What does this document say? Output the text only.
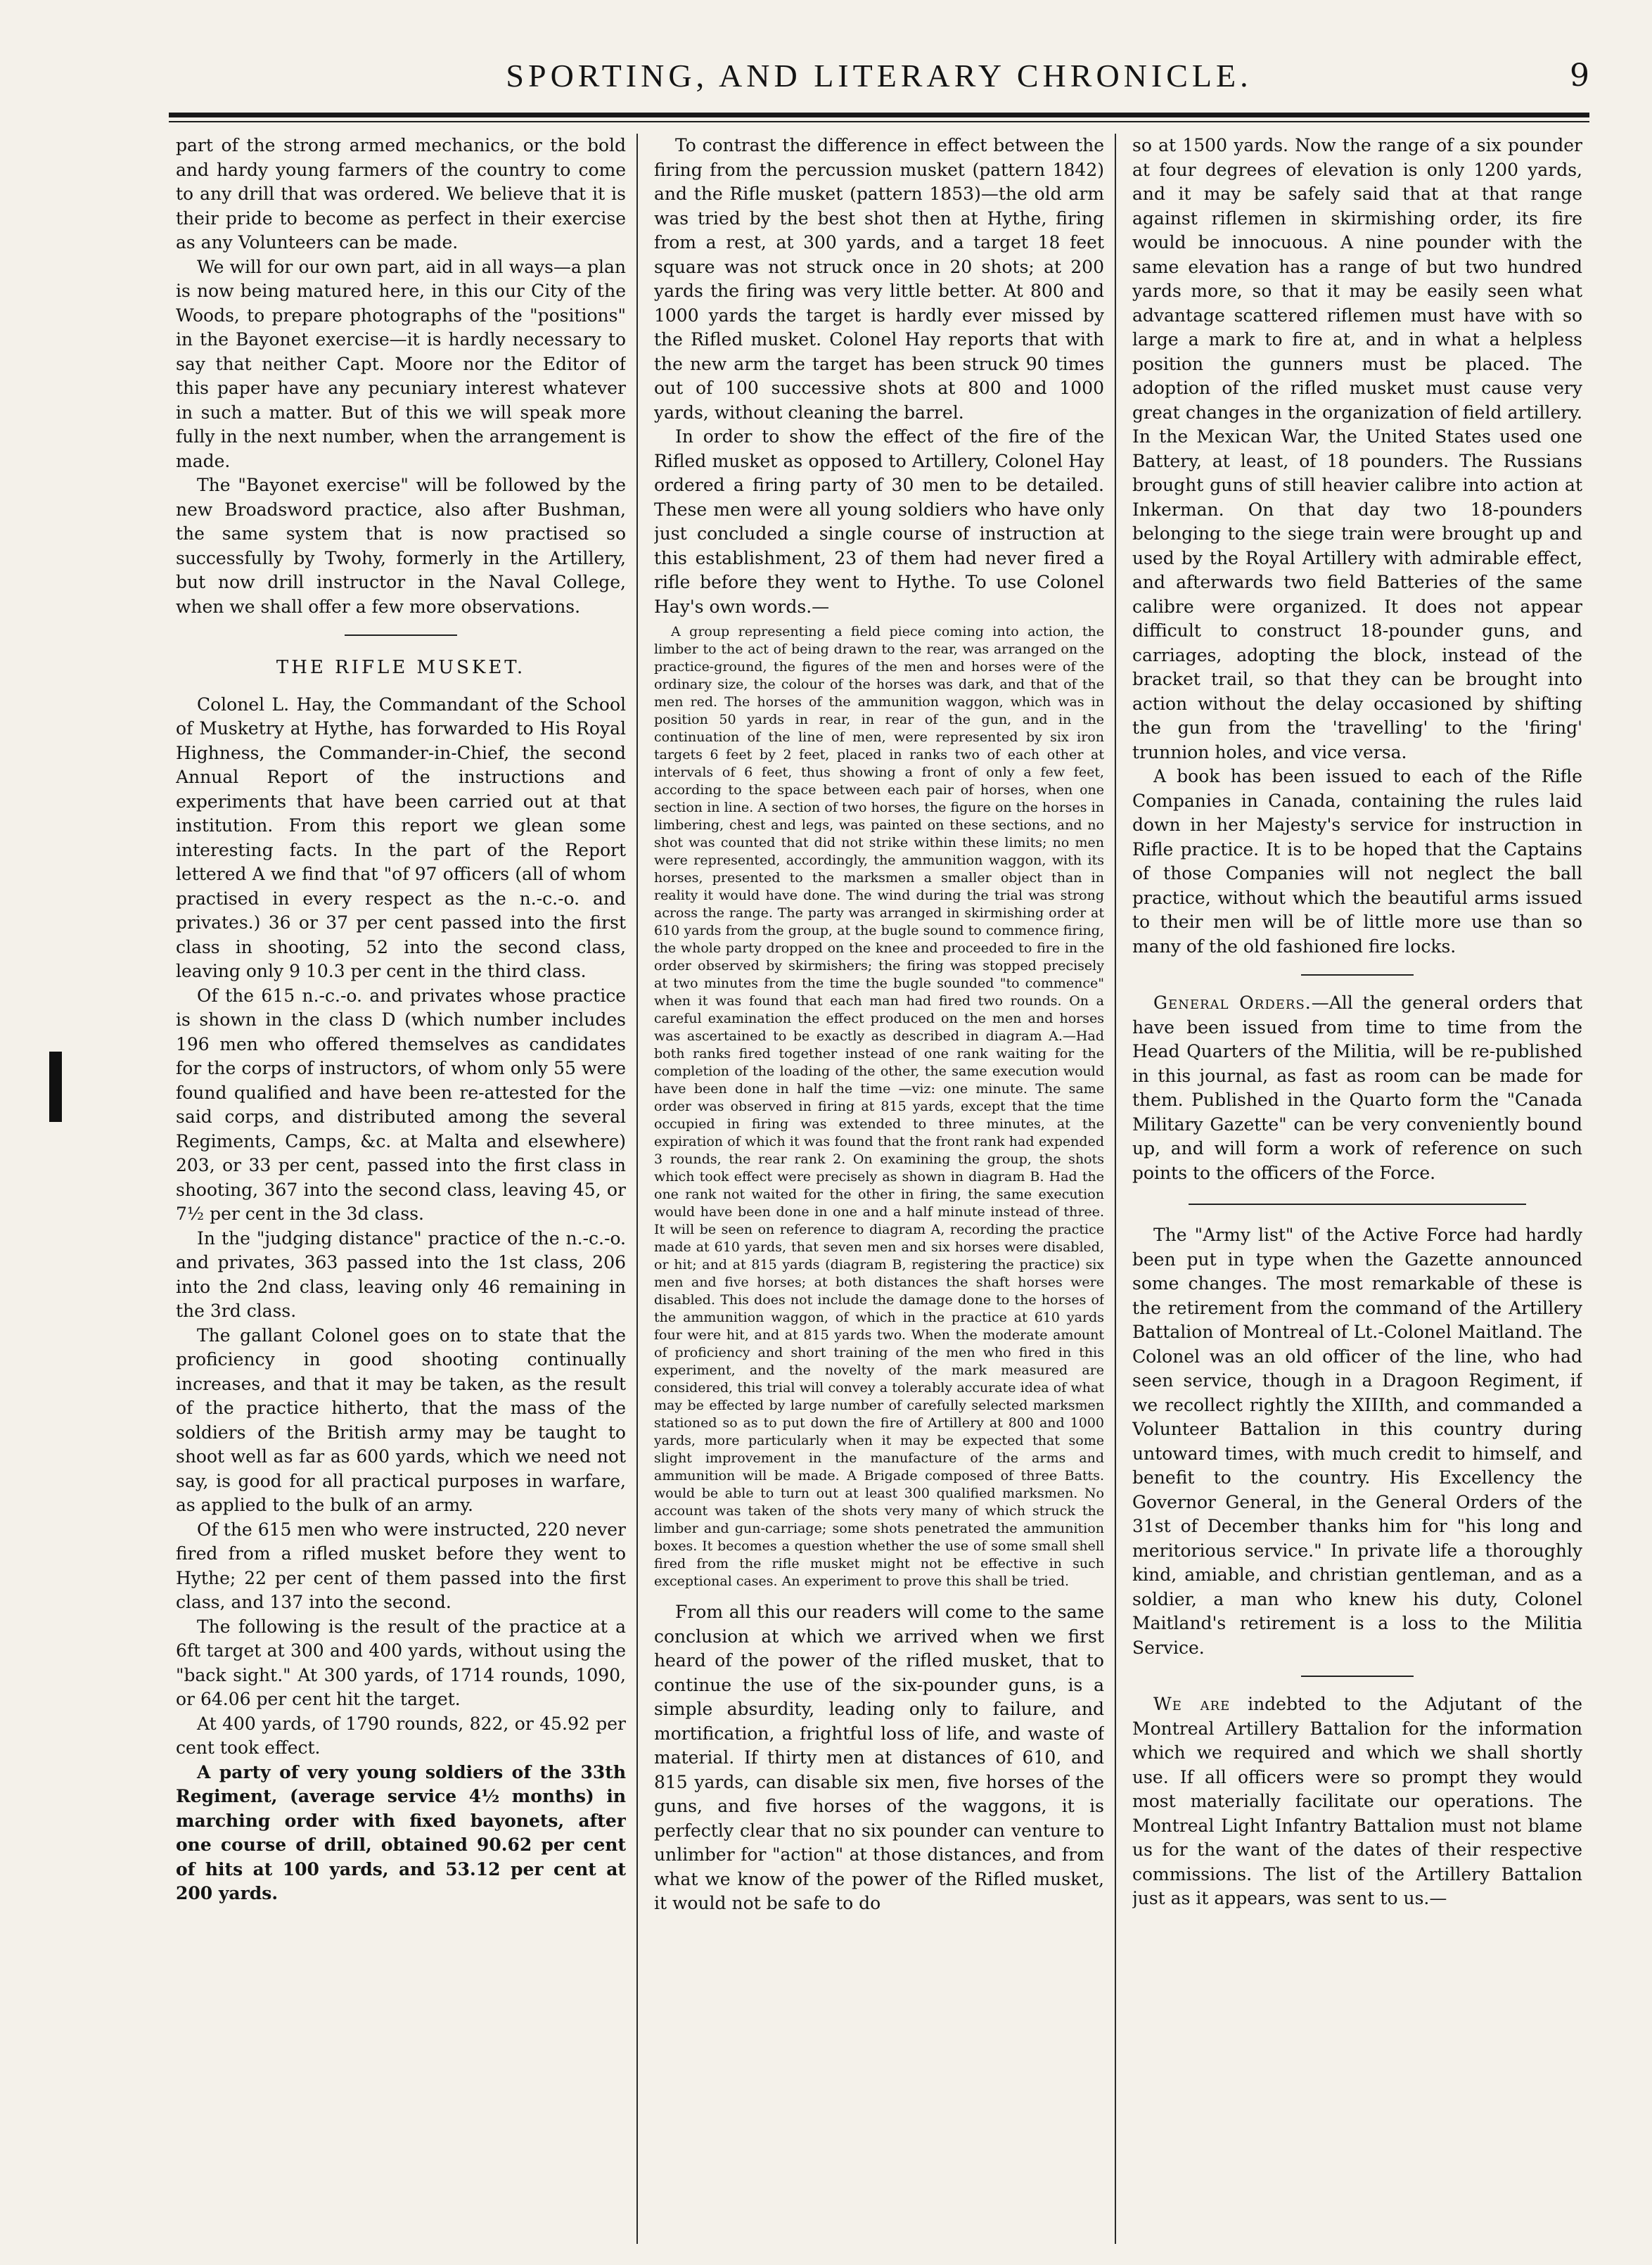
SPORTING, AND LITERARY CHRONICLE.	9

part of the strong armed mechanics, or the bold and hardy young farmers of the country to come to any drill that was ordered. We believe that it is their pride to become as perfect in their exercise as any Volunteers can be made.

We will for our own part, aid in all ways—a plan is now being matured here, in this our City of the Woods, to prepare photographs of the "positions" in the Bayonet exercise—it is hardly necessary to say that neither Capt. Moore nor the Editor of this paper have any pecuniary interest whatever in such a matter. But of this we will speak more fully in the next number, when the arrangement is made.

The "Bayonet exercise" will be followed by the new Broadsword practice, also after Bushman, the same system that is now practised so successfully by Twohy, formerly in the Artillery, but now drill instructor in the Naval College, when we shall offer a few more observations.

THE RIFLE MUSKET.

Colonel L. Hay, the Commandant of the School of Musketry at Hythe, has forwarded to His Royal Highness, the Commander-in-Chief, the second Annual Report of the instructions and experiments that have been carried out at that institution. From this report we glean some interesting facts. In the part of the Report lettered A we find that "of 97 officers (all of whom practised in every respect as the n.-c.-o. and privates.) 36 or 37 per cent passed into the first class in shooting, 52 into the second class, leaving only 9 10.3 per cent in the third class.

Of the 615 n.-c.-o. and privates whose practice is shown in the class D (which number includes 196 men who offered themselves as candidates for the corps of instructors, of whom only 55 were found qualified and have been re-attested for the said corps, and distributed among the several Regiments, Camps, &c. at Malta and elsewhere) 203, or 33 per cent, passed into the first class in shooting, 367 into the second class, leaving 45, or 7½ per cent in the 3d class.

In the "judging distance" practice of the n.-c.-o. and privates, 363 passed into the 1st class, 206 into the 2nd class, leaving only 46 remaining in the 3rd class.

The gallant Colonel goes on to state that the proficiency in good shooting continually increases, and that it may be taken, as the result of the practice hitherto, that the mass of the soldiers of the British army may be taught to shoot well as far as 600 yards, which we need not say, is good for all practical purposes in warfare, as applied to the bulk of an army.

Of the 615 men who were instructed, 220 never fired from a rifled musket before they went to Hythe; 22 per cent of them passed into the first class, and 137 into the second.

The following is the result of the practice at a 6ft target at 300 and 400 yards, without using the "back sight." At 300 yards, of 1714 rounds, 1090, or 64.06 per cent hit the target.

At 400 yards, of 1790 rounds, 822, or 45.92 per cent took effect.

A party of very young soldiers of the 33th Regiment, (average service 4½ months) in marching order with fixed bayonets, after one course of drill, obtained 90.62 per cent of hits at 100 yards, and 53.12 per cent at 200 yards.

To contrast the difference in effect between the firing from the percussion musket (pattern 1842) and the Rifle musket (pattern 1853)—the old arm was tried by the best shot then at Hythe, firing from a rest, at 300 yards, and a target 18 feet square was not struck once in 20 shots; at 200 yards the firing was very little better. At 800 and 1000 yards the target is hardly ever missed by the Rifled musket. Colonel Hay reports that with the new arm the target has been struck 90 times out of 100 successive shots at 800 and 1000 yards, without cleaning the barrel.

In order to show the effect of the fire of the Rifled musket as opposed to Artillery, Colonel Hay ordered a firing party of 30 men to be detailed. These men were all young soldiers who have only just concluded a single course of instruction at this establishment, 23 of them had never fired a rifle before they went to Hythe. To use Colonel Hay's own words.—

A group representing a field piece coming into action, the limber to the act of being drawn to the rear, was arranged on the practice-ground, the figures of the men and horses were of the ordinary size, the colour of the horses was dark, and that of the men red. The horses of the ammunition waggon, which was in position 50 yards in rear, in rear of the gun, and in the continuation of the line of men, were represented by six iron targets 6 feet by 2 feet, placed in ranks two of each other at intervals of 6 feet, thus showing a front of only a few feet, according to the space between each pair of horses, when one section in line. A section of two horses, the figure on the horses in limbering, chest and legs, was painted on these sections, and no shot was counted that did not strike within these limits; no men were represented, accordingly, the ammunition waggon, with its horses, presented to the marksmen a smaller object than in reality it would have done. The wind during the trial was strong across the range. The party was arranged in skirmishing order at 610 yards from the group, at the bugle sound to commence firing, the whole party dropped on the knee and proceeded to fire in the order observed by skirmishers; the firing was stopped precisely at two minutes from the time the bugle sounded "to commence" when it was found that each man had fired two rounds. On a careful examination the effect produced on the men and horses was ascertained to be exactly as described in diagram A.—Had both ranks fired together instead of one rank waiting for the completion of the loading of the other, the same execution would have been done in half the time —viz: one minute. The same order was observed in firing at 815 yards, except that the time occupied in firing was extended to three minutes, at the expiration of which it was found that the front rank had expended 3 rounds, the rear rank 2. On examining the group, the shots which took effect were precisely as shown in diagram B. Had the one rank not waited for the other in firing, the same execution would have been done in one and a half minute instead of three. It will be seen on reference to diagram A, recording the practice made at 610 yards, that seven men and six horses were disabled, or hit; and at 815 yards (diagram B, registering the practice) six men and five horses; at both distances the shaft horses were disabled. This does not include the damage done to the horses of the ammunition waggon, of which in the practice at 610 yards four were hit, and at 815 yards two. When the moderate amount of proficiency and short training of the men who fired in this experiment, and the novelty of the mark measured are considered, this trial will convey a tolerably accurate idea of what may be effected by large number of carefully selected marksmen stationed so as to put down the fire of Artillery at 800 and 1000 yards, more particularly when it may be expected that some slight improvement in the manufacture of the arms and ammunition will be made. A Brigade composed of three Batts. would be able to turn out at least 300 qualified marksmen. No account was taken of the shots very many of which struck the limber and gun-carriage; some shots penetrated the ammunition boxes. It becomes a question whether the use of some small shell fired from the rifle musket might not be effective in such exceptional cases. An experiment to prove this shall be tried.

From all this our readers will come to the same conclusion at which we arrived when we first heard of the power of the rifled musket, that to continue the use of the six-pounder guns, is a simple absurdity, leading only to failure, and mortification, a frightful loss of life, and waste of material. If thirty men at distances of 610, and 815 yards, can disable six men, five horses of the guns, and five horses of the waggons, it is perfectly clear that no six pounder can venture to unlimber for "action" at those distances, and from what we know of the power of the Rifled musket, it would not be safe to do

so at 1500 yards. Now the range of a six pounder at four degrees of elevation is only 1200 yards, and it may be safely said that at that range against riflemen in skirmishing order, its fire would be innocuous. A nine pounder with the same elevation has a range of but two hundred yards more, so that it may be easily seen what advantage scattered riflemen must have with so large a mark to fire at, and in what a helpless position the gunners must be placed. The adoption of the rifled musket must cause very great changes in the organization of field artillery. In the Mexican War, the United States used one Battery, at least, of 18 pounders. The Russians brought guns of still heavier calibre into action at Inkerman. On that day two 18-pounders belonging to the siege train were brought up and used by the Royal Artillery with admirable effect, and afterwards two field Batteries of the same calibre were organized. It does not appear difficult to construct 18-pounder guns, and carriages, adopting the block, instead of the bracket trail, so that they can be brought into action without the delay occasioned by shifting the gun from the 'travelling' to the 'firing' trunnion holes, and vice versa.

A book has been issued to each of the Rifle Companies in Canada, containing the rules laid down in her Majesty's service for instruction in Rifle practice. It is to be hoped that the Captains of those Companies will not neglect the ball practice, without which the beautiful arms issued to their men will be of little more use than so many of the old fashioned fire locks.

General Orders.—All the general orders that have been issued from time to time from the Head Quarters of the Militia, will be re-published in this journal, as fast as room can be made for them. Published in the Quarto form the "Canada Military Gazette" can be very conveniently bound up, and will form a work of reference on such points to the officers of the Force.

The "Army list" of the Active Force had hardly been put in type when the Gazette announced some changes. The most remarkable of these is the retirement from the command of the Artillery Battalion of Montreal of Lt.-Colonel Maitland. The Colonel was an old officer of the line, who had seen service, though in a Dragoon Regiment, if we recollect rightly the XIIIth, and commanded a Volunteer Battalion in this country during untoward times, with much credit to himself, and benefit to the country. His Excellency the Governor General, in the General Orders of the 31st of December thanks him for "his long and meritorious service." In private life a thoroughly kind, amiable, and christian gentleman, and as a soldier, a man who knew his duty, Colonel Maitland's retirement is a loss to the Militia Service.

We are indebted to the Adjutant of the Montreal Artillery Battalion for the information which we required and which we shall shortly use. If all officers were so prompt they would most materially facilitate our operations. The Montreal Light Infantry Battalion must not blame us for the want of the dates of their respective commissions. The list of the Artillery Battalion just as it appears, was sent to us.—
